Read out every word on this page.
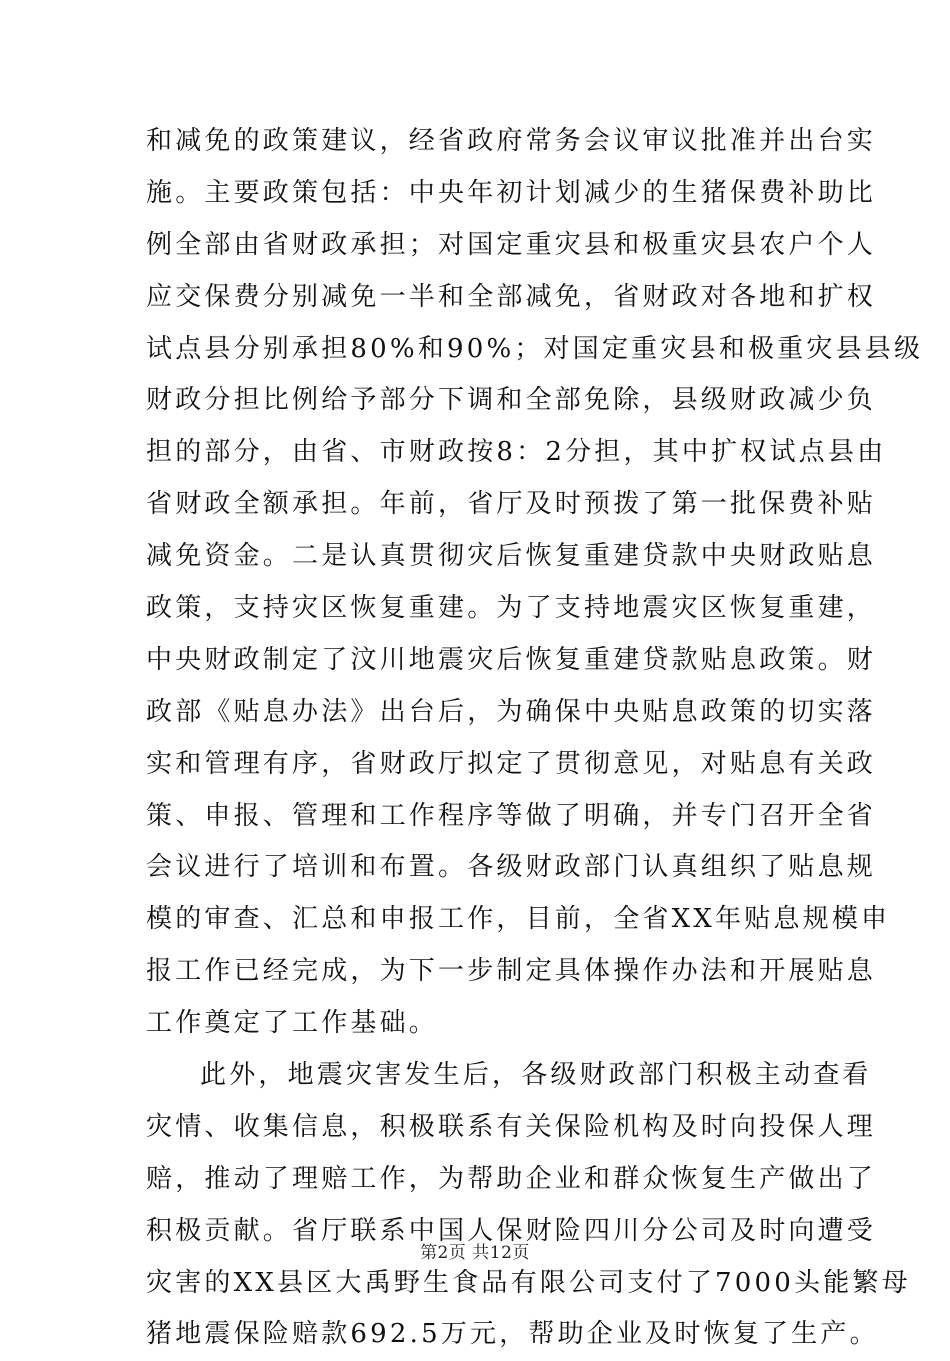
和减免的政策建议，经省政府常务会议审议批准并出台实
施。主要政策包括：中央年初计划减少的生猪保费补助比
例全部由省财政承担；对国定重灾县和极重灾县农户个人
应交保费分别减免一半和全部减免，省财政对各地和扩权
试点县分别承担80%和90%；对国定重灾县和极重灾县县级
财政分担比例给予部分下调和全部免除，县级财政减少负
担的部分，由省、市财政按8：2分担，其中扩权试点县由
省财政全额承担。年前，省厅及时预拨了第一批保费补贴
减免资金。二是认真贯彻灾后恢复重建贷款中央财政贴息
政策，支持灾区恢复重建。为了支持地震灾区恢复重建，
中央财政制定了汶川地震灾后恢复重建贷款贴息政策。财
政部《贴息办法》出台后，为确保中央贴息政策的切实落
实和管理有序，省财政厅拟定了贯彻意见，对贴息有关政
策、申报、管理和工作程序等做了明确，并专门召开全省
会议进行了培训和布置。各级财政部门认真组织了贴息规
模的审查、汇总和申报工作，目前，全省XX年贴息规模申
报工作已经完成，为下一步制定具体操作办法和开展贴息
工作奠定了工作基础。
此外，地震灾害发生后，各级财政部门积极主动查看
灾情、收集信息，积极联系有关保险机构及时向投保人理
赔，推动了理赔工作，为帮助企业和群众恢复生产做出了
积极贡献。省厅联系中国人保财险四川分公司及时向遭受
灾害的XX县区大禹野生食品有限公司支付了7000头能繁母
猪地震保险赔款692.5万元，帮助企业及时恢复了生产。
第2页 共12页
